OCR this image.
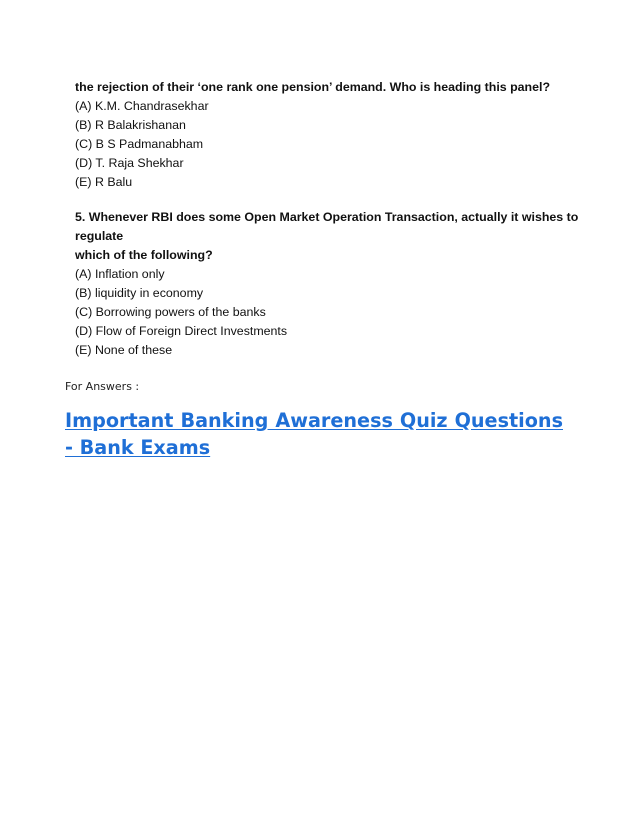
the rejection of their ‘one rank one pension’ demand. Who is heading this panel?
(A) K.M. Chandrasekhar
(B) R Balakrishanan
(C) B S Padmanabham
(D) T. Raja Shekhar
(E) R Balu
5. Whenever RBI does some Open Market Operation Transaction, actually it wishes to
regulate
which of the following?
(A) Inflation only
(B) liquidity in economy
(C) Borrowing powers of the banks
(D) Flow of Foreign Direct Investments
(E) None of these
For Answers :
Important Banking Awareness Quiz Questions - Bank Exams
